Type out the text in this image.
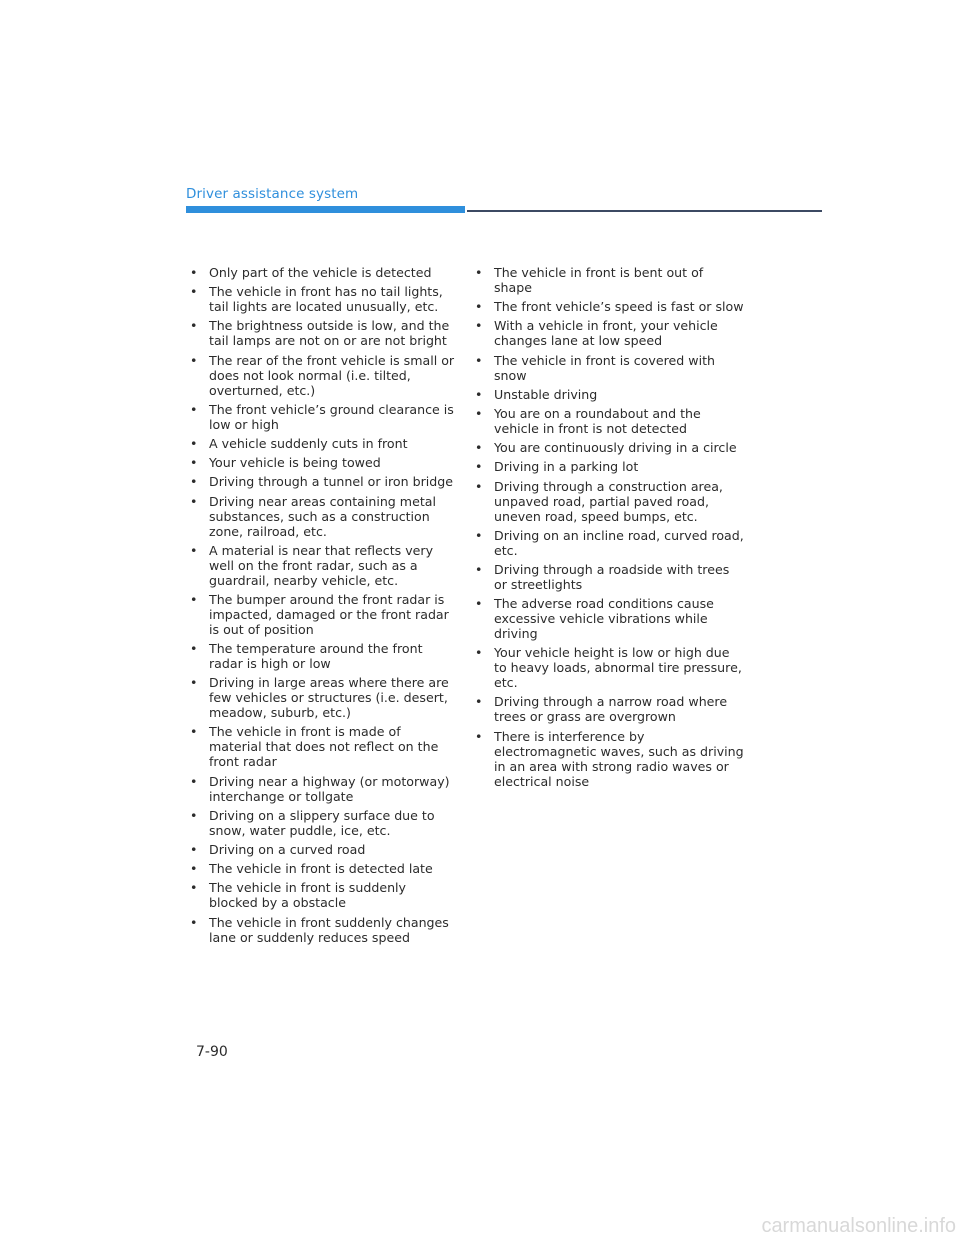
Driver assistance system
• Only part of the vehicle is detected
• The vehicle in front has no tail lights, tail lights are located unusually, etc.
• The brightness outside is low, and the tail lamps are not on or are not bright
• The rear of the front vehicle is small or does not look normal (i.e. tilted, overturned, etc.)
• The front vehicle’s ground clearance is low or high
• A vehicle suddenly cuts in front
• Your vehicle is being towed
• Driving through a tunnel or iron bridge
• Driving near areas containing metal substances, such as a construction zone, railroad, etc.
• A material is near that reflects very well on the front radar, such as a guardrail, nearby vehicle, etc.
• The bumper around the front radar is impacted, damaged or the front radar is out of position
• The temperature around the front radar is high or low
• Driving in large areas where there are few vehicles or structures (i.e. desert, meadow, suburb, etc.)
• The vehicle in front is made of material that does not reflect on the front radar
• Driving near a highway (or motorway) interchange or tollgate
• Driving on a slippery surface due to snow, water puddle, ice, etc.
• Driving on a curved road
• The vehicle in front is detected late
• The vehicle in front is suddenly blocked by a obstacle
• The vehicle in front suddenly changes lane or suddenly reduces speed
• The vehicle in front is bent out of shape
• The front vehicle’s speed is fast or slow
• With a vehicle in front, your vehicle changes lane at low speed
• The vehicle in front is covered with snow
• Unstable driving
• You are on a roundabout and the vehicle in front is not detected
• You are continuously driving in a circle
• Driving in a parking lot
• Driving through a construction area, unpaved road, partial paved road, uneven road, speed bumps, etc.
• Driving on an incline road, curved road, etc.
• Driving through a roadside with trees or streetlights
• The adverse road conditions cause excessive vehicle vibrations while driving
• Your vehicle height is low or high due to heavy loads, abnormal tire pressure, etc.
• Driving through a narrow road where trees or grass are overgrown
• There is interference by electromagnetic waves, such as driving in an area with strong radio waves or electrical noise
7-90
carmanualsonline.info
